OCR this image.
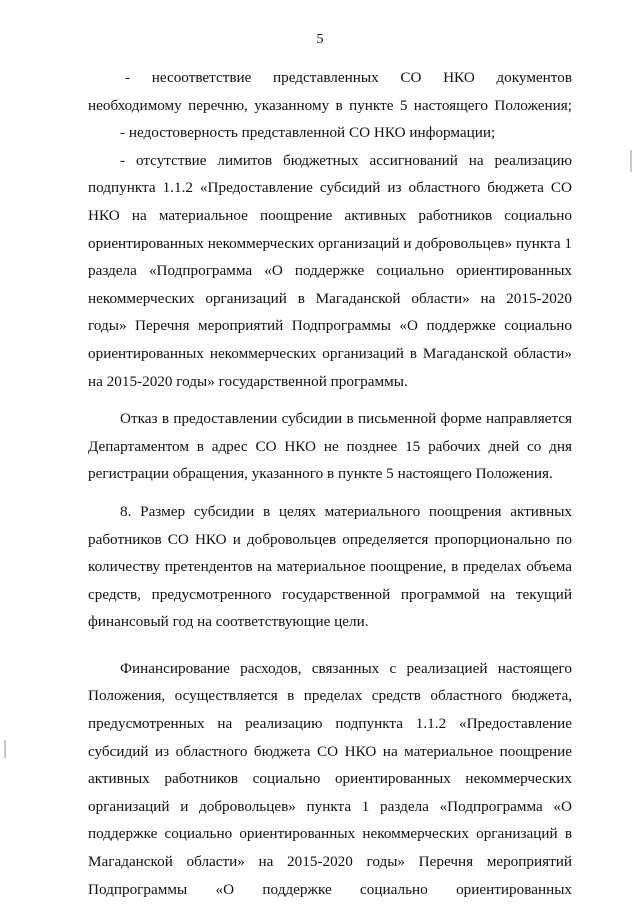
5

- несоответствие представленных СО НКО документов необходимому перечню, указанному в пункте 5 настоящего Положения;

- недостоверность представленной СО НКО информации;

- отсутствие лимитов бюджетных ассигнований на реализацию подпункта 1.1.2 «Предоставление субсидий из областного бюджета СО НКО на материальное поощрение активных работников социально ориентированных некоммерческих организаций и добровольцев» пункта 1 раздела «Подпрограмма «О поддержке социально ориентированных некоммерческих организаций в Магаданской области» на 2015-2020 годы» Перечня мероприятий Подпрограммы «О поддержке социально ориентированных некоммерческих организаций в Магаданской области» на 2015-2020 годы» государственной программы.

Отказ в предоставлении субсидии в письменной форме направляется Департаментом в адрес СО НКО не позднее 15 рабочих дней со дня регистрации обращения, указанного в пункте 5 настоящего Положения.

8. Размер субсидии в целях материального поощрения активных работников СО НКО и добровольцев определяется пропорционально по количеству претендентов на материальное поощрение, в пределах объема средств, предусмотренного государственной программой на текущий финансовый год на соответствующие цели.

Финансирование расходов, связанных с реализацией настоящего Положения, осуществляется в пределах средств областного бюджета, предусмотренных на реализацию подпункта 1.1.2 «Предоставление субсидий из областного бюджета СО НКО на материальное поощрение активных работников социально ориентированных некоммерческих организаций и добровольцев» пункта 1 раздела «Подпрограмма «О поддержке социально ориентированных некоммерческих организаций в Магаданской области» на 2015-2020 годы» Перечня мероприятий Подпрограммы «О поддержке социально ориентированных
